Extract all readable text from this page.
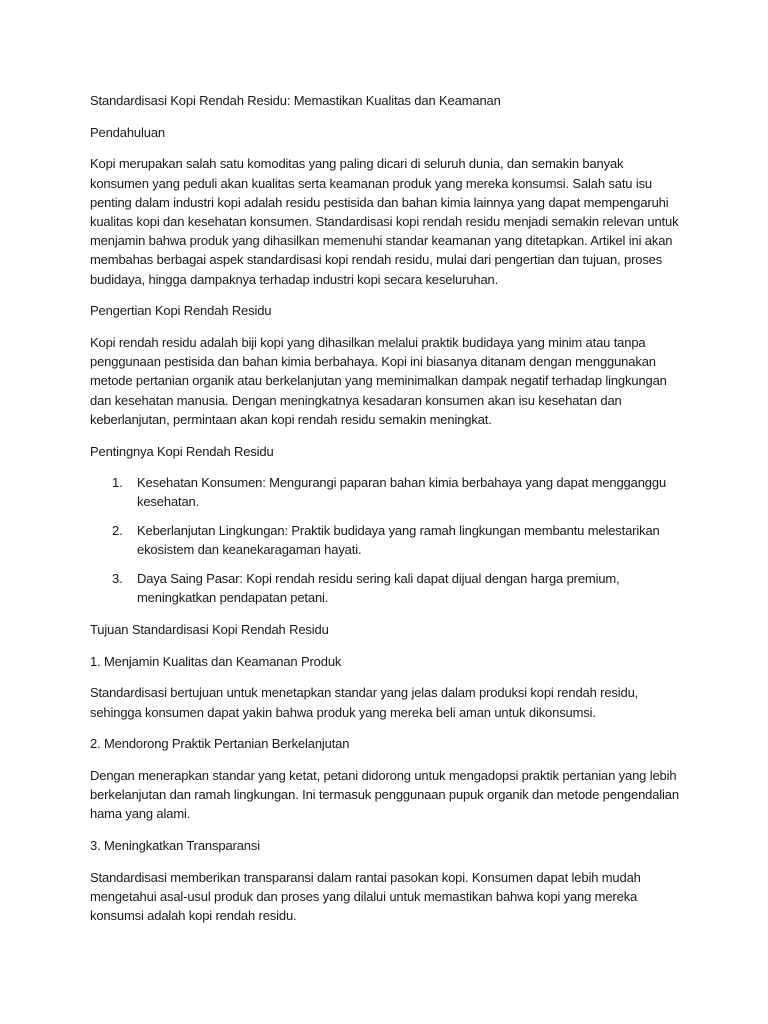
Standardisasi Kopi Rendah Residu: Memastikan Kualitas dan Keamanan

Pendahuluan

Kopi merupakan salah satu komoditas yang paling dicari di seluruh dunia, dan semakin banyak konsumen yang peduli akan kualitas serta keamanan produk yang mereka konsumsi. Salah satu isu penting dalam industri kopi adalah residu pestisida dan bahan kimia lainnya yang dapat mempengaruhi kualitas kopi dan kesehatan konsumen. Standardisasi kopi rendah residu menjadi semakin relevan untuk menjamin bahwa produk yang dihasilkan memenuhi standar keamanan yang ditetapkan. Artikel ini akan membahas berbagai aspek standardisasi kopi rendah residu, mulai dari pengertian dan tujuan, proses budidaya, hingga dampaknya terhadap industri kopi secara keseluruhan.

Pengertian Kopi Rendah Residu

Kopi rendah residu adalah biji kopi yang dihasilkan melalui praktik budidaya yang minim atau tanpa penggunaan pestisida dan bahan kimia berbahaya. Kopi ini biasanya ditanam dengan menggunakan metode pertanian organik atau berkelanjutan yang meminimalkan dampak negatif terhadap lingkungan dan kesehatan manusia. Dengan meningkatnya kesadaran konsumen akan isu kesehatan dan keberlanjutan, permintaan akan kopi rendah residu semakin meningkat.

Pentingnya Kopi Rendah Residu

1. Kesehatan Konsumen: Mengurangi paparan bahan kimia berbahaya yang dapat mengganggu kesehatan.
2. Keberlanjutan Lingkungan: Praktik budidaya yang ramah lingkungan membantu melestarikan ekosistem dan keanekaragaman hayati.
3. Daya Saing Pasar: Kopi rendah residu sering kali dapat dijual dengan harga premium, meningkatkan pendapatan petani.

Tujuan Standardisasi Kopi Rendah Residu

1. Menjamin Kualitas dan Keamanan Produk

Standardisasi bertujuan untuk menetapkan standar yang jelas dalam produksi kopi rendah residu, sehingga konsumen dapat yakin bahwa produk yang mereka beli aman untuk dikonsumsi.

2. Mendorong Praktik Pertanian Berkelanjutan

Dengan menerapkan standar yang ketat, petani didorong untuk mengadopsi praktik pertanian yang lebih berkelanjutan dan ramah lingkungan. Ini termasuk penggunaan pupuk organik dan metode pengendalian hama yang alami.

3. Meningkatkan Transparansi

Standardisasi memberikan transparansi dalam rantai pasokan kopi. Konsumen dapat lebih mudah mengetahui asal-usul produk dan proses yang dilalui untuk memastikan bahwa kopi yang mereka konsumsi adalah kopi rendah residu.
